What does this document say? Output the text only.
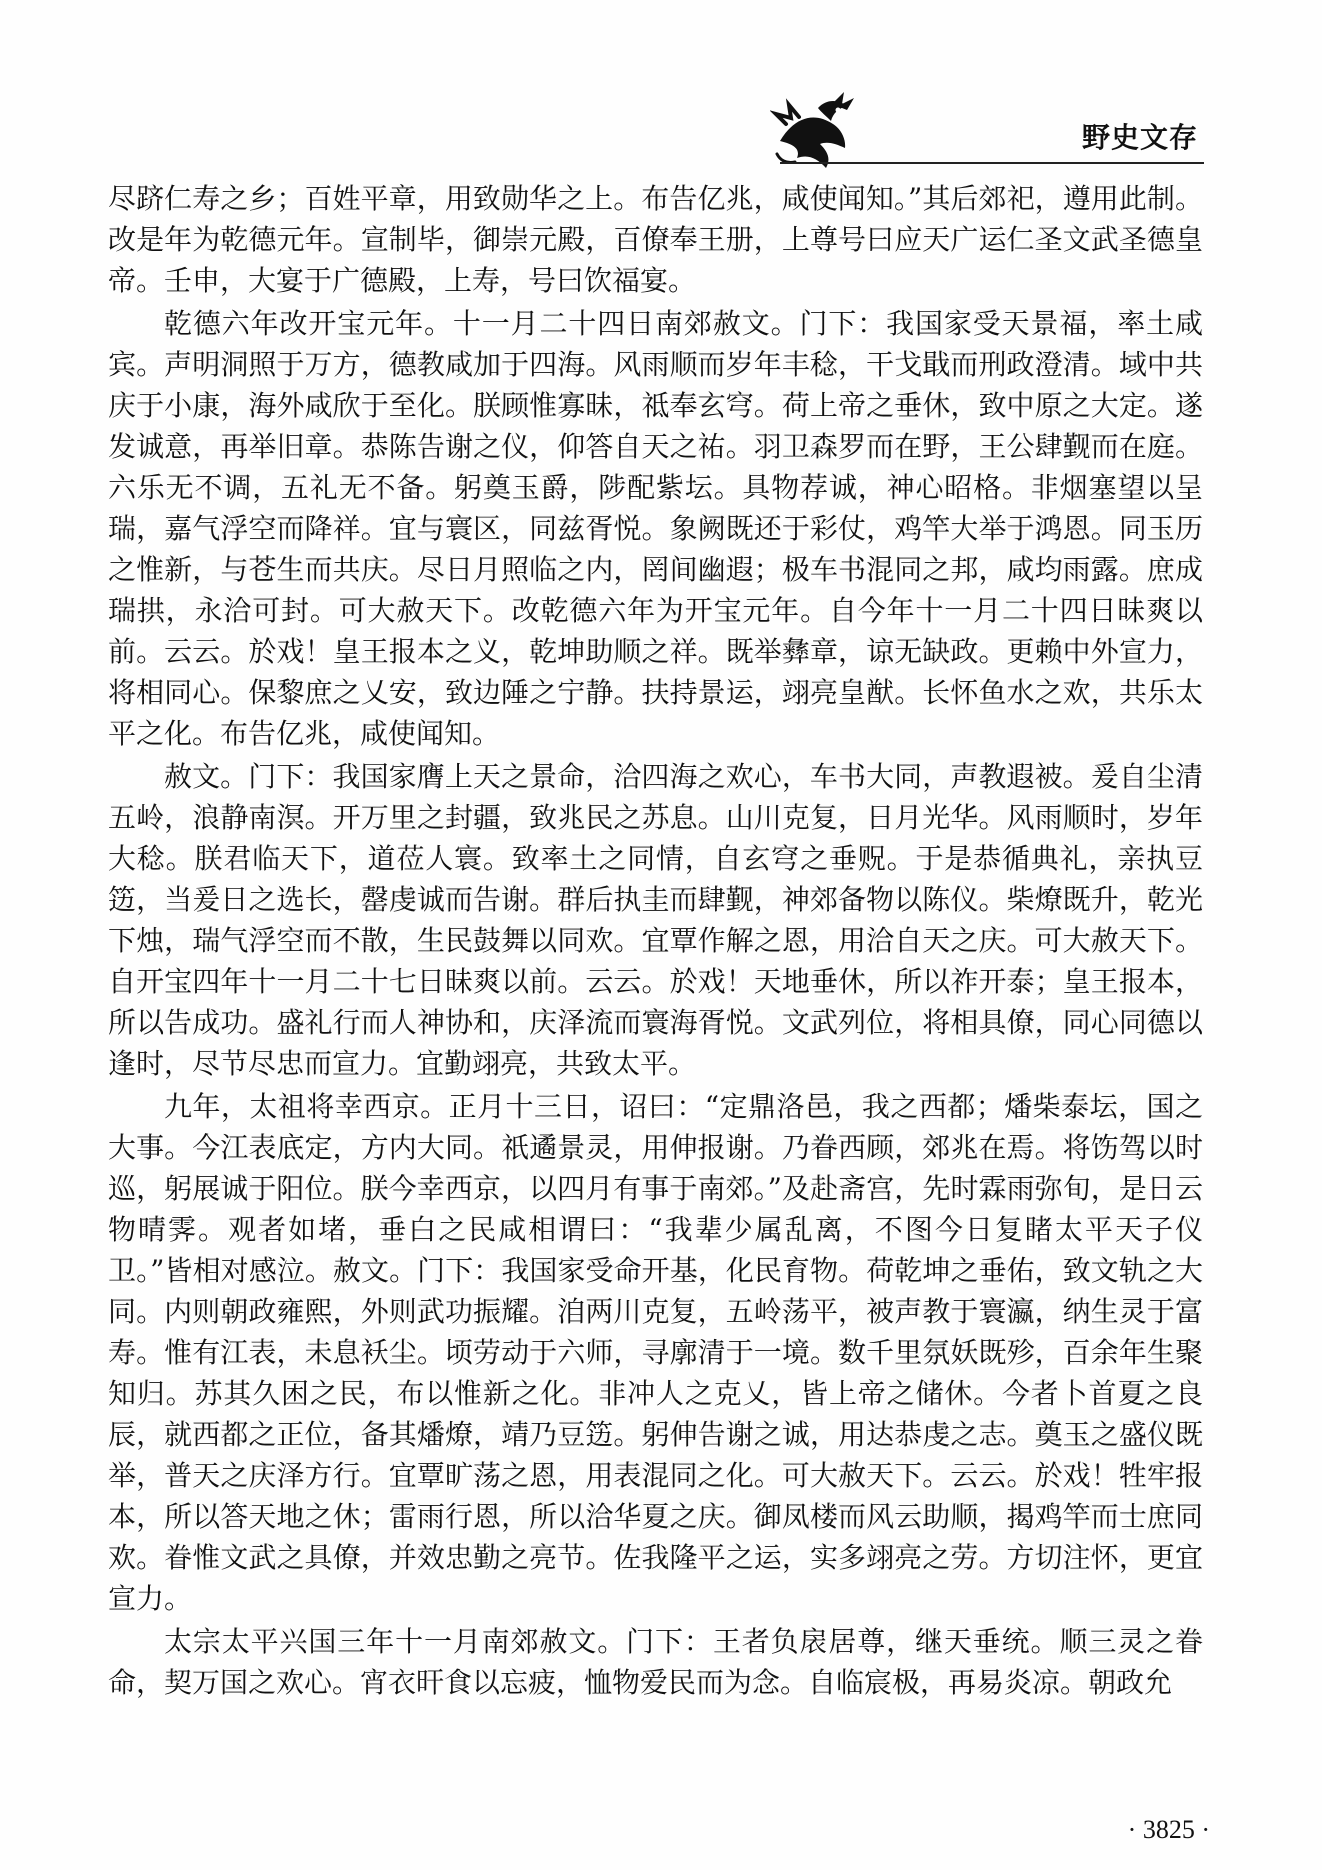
野史文存

尽跻仁寿之乡；百姓平章，用致勋华之上。布告亿兆，咸使闻知。”其后郊祀，遵用此制。改是年为乾德元年。宣制毕，御崇元殿，百僚奉王册，上尊号曰应天广运仁圣文武圣德皇帝。壬申，大宴于广德殿，上寿，号曰饮福宴。

乾德六年改开宝元年。十一月二十四日南郊赦文。门下：我国家受天景福，率土咸宾。声明洞照于万方，德教咸加于四海。风雨顺而岁年丰稔，干戈戢而刑政澄清。域中共庆于小康，海外咸欣于至化。朕顾惟寡昧，祗奉玄穹。荷上帝之垂休，致中原之大定。遂发诚意，再举旧章。恭陈告谢之仪，仰答自天之祐。羽卫森罗而在野，王公肆觐而在庭。六乐无不调，五礼无不备。躬奠玉爵，陟配紫坛。具物荐诚，神心昭格。非烟塞望以呈瑞，嘉气浮空而降祥。宜与寰区，同兹胥悦。象阙既还于彩仗，鸡竿大举于鸿恩。同玉历之惟新，与苍生而共庆。尽日月照临之内，罔间幽遐；极车书混同之邦，咸均雨露。庶成瑞拱，永洽可封。可大赦天下。改乾德六年为开宝元年。自今年十一月二十四日昧爽以前。云云。於戏！皇王报本之义，乾坤助顺之祥。既举彝章，谅无缺政。更赖中外宣力，将相同心。保黎庶之乂安，致边陲之宁静。扶持景运，翊亮皇猷。长怀鱼水之欢，共乐太平之化。布告亿兆，咸使闻知。

赦文。门下：我国家膺上天之景命，洽四海之欢心，车书大同，声教遐被。爰自尘清五岭，浪静南溟。开万里之封疆，致兆民之苏息。山川克复，日月光华。风雨顺时，岁年大稔。朕君临天下，道莅人寰。致率土之同情，自玄穹之垂贶。于是恭循典礼，亲执豆笾，当爰日之选长，罄虔诚而告谢。群后执圭而肆觐，神郊备物以陈仪。柴燎既升，乾光下烛，瑞气浮空而不散，生民鼓舞以同欢。宜覃作解之恩，用洽自天之庆。可大赦天下。自开宝四年十一月二十七日昧爽以前。云云。於戏！天地垂休，所以祚开泰；皇王报本，所以告成功。盛礼行而人神协和，庆泽流而寰海胥悦。文武列位，将相具僚，同心同德以逢时，尽节尽忠而宣力。宜勤翊亮，共致太平。

九年，太祖将幸西京。正月十三日，诏曰：“定鼎洛邑，我之西都；燔柴泰坛，国之大事。今江表底定，方内大同。祇遹景灵，用伸报谢。乃眷西顾，郊兆在焉。将饬驾以时巡，躬展诚于阳位。朕今幸西京，以四月有事于南郊。”及赴斋宫，先时霖雨弥旬，是日云物晴霁。观者如堵，垂白之民咸相谓曰：“我辈少属乱离，不图今日复睹太平天子仪卫。”皆相对感泣。赦文。门下：我国家受命开基，化民育物。荷乾坤之垂佑，致文轨之大同。内则朝政雍熙，外则武功振耀。洎两川克复，五岭荡平，被声教于寰瀛，纳生灵于富寿。惟有江表，未息袄尘。顷劳动于六师，寻廓清于一境。数千里氛妖既殄，百余年生聚知归。苏其久困之民，布以惟新之化。非冲人之克乂，皆上帝之储休。今者卜首夏之良辰，就西都之正位，备其燔燎，靖乃豆笾。躬伸告谢之诚，用达恭虔之志。奠玉之盛仪既举，普天之庆泽方行。宜覃旷荡之恩，用表混同之化。可大赦天下。云云。於戏！牲牢报本，所以答天地之休；雷雨行恩，所以洽华夏之庆。御凤楼而风云助顺，揭鸡竿而士庶同欢。眷惟文武之具僚，并效忠勤之亮节。佐我隆平之运，实多翊亮之劳。方切注怀，更宜宣力。

太宗太平兴国三年十一月南郊赦文。门下：王者负扆居尊，继天垂统。顺三灵之眷命，契万国之欢心。宵衣旰食以忘疲，恤物爱民而为念。自临宸极，再易炎凉。朝政允

· 3825 ·
